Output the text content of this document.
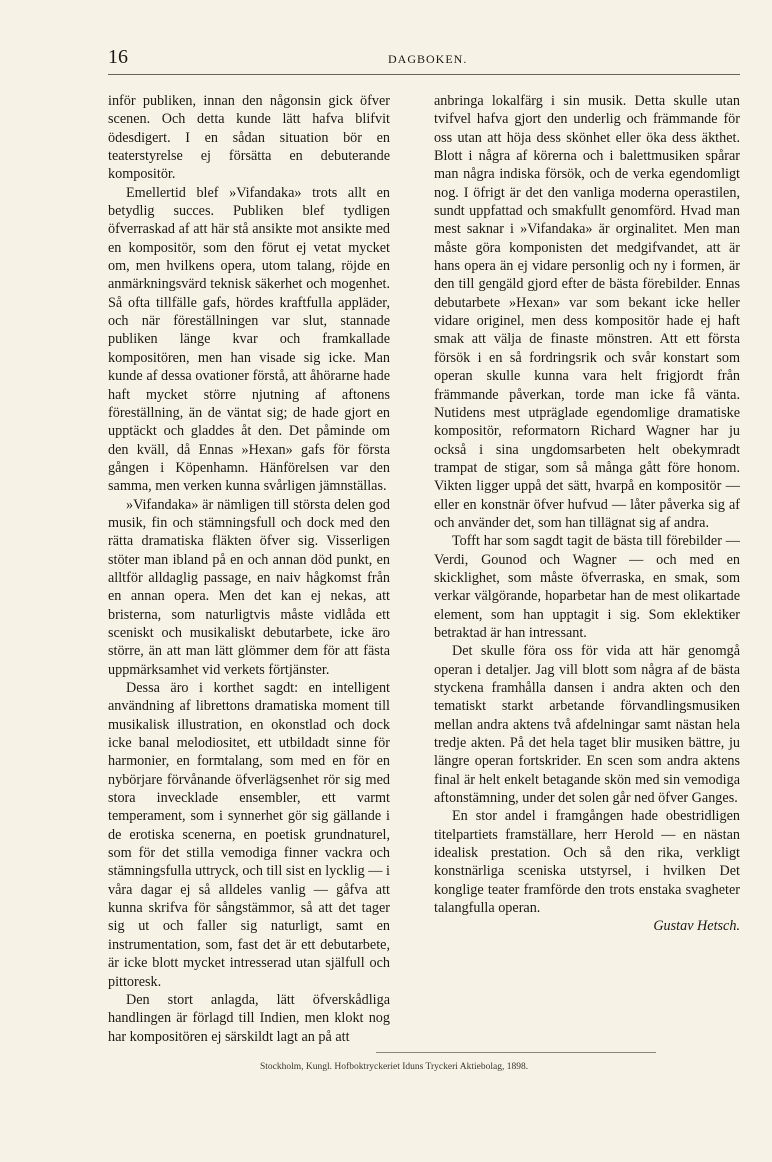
16	DAGBOKEN.

inför publiken, innan den någonsin gick öfver scenen. Och detta kunde lätt hafva blifvit ödesdigert. I en sådan situation bör en teaterstyrelse ej försätta en debuterande kompositör.

Emellertid blef »Vifandaka» trots allt en betydlig succes. Publiken blef tydligen öfverraskad af att här stå ansikte mot ansikte med en kompositör, som den förut ej vetat mycket om, men hvilkens opera, utom talang, röjde en anmärkningsvärd teknisk säkerhet och mogenhet. Så ofta tillfälle gafs, hördes kraftfulla appläder, och när föreställningen var slut, stannade publiken länge kvar och framkallade kompositören, men han visade sig icke. Man kunde af dessa ovationer förstå, att åhörarne hade haft mycket större njutning af aftonens föreställning, än de väntat sig; de hade gjort en upptäckt och gladdes åt den. Det påminde om den kväll, då Ennas »Hexan» gafs för första gången i Köpenhamn. Hänförelsen var den samma, men verken kunna svårligen jämnställas.

»Vifandaka» är nämligen till största delen god musik, fin och stämningsfull och dock med den rätta dramatiska fläkten öfver sig. Visserligen stöter man ibland på en och annan död punkt, en alltför alldaglig passage, en naiv hågkomst från en annan opera. Men det kan ej nekas, att bristerna, som naturligtvis måste vidlåda ett sceniskt och musikaliskt debutarbete, icke äro större, än att man lätt glömmer dem för att fästa uppmärksamhet vid verkets förtjänster.

Dessa äro i korthet sagdt: en intelligent användning af librettons dramatiska moment till musikalisk illustration, en okonstlad och dock icke banal melodiositet, ett utbildadt sinne för harmonier, en formtalang, som med en för en nybörjare förvånande öfverlägsenhet rör sig med stora invecklade ensembler, ett varmt temperament, som i synnerhet gör sig gällande i de erotiska scenerna, en poetisk grundnaturel, som för det stilla vemodiga finner vackra och stämningsfulla uttryck, och till sist en lycklig — i våra dagar ej så alldeles vanlig — gåfva att kunna skrifva för sångstämmor, så att det tager sig ut och faller sig naturligt, samt en instrumentation, som, fast det är ett debutarbete, är icke blott mycket intresserad utan själfull och pittoresk.

Den stort anlagda, lätt öfverskådliga handlingen är förlagd till Indien, men klokt nog har kompositören ej särskildt lagt an på att

anbringa lokalfärg i sin musik. Detta skulle utan tvifvel hafva gjort den underlig och främmande för oss utan att höja dess skönhet eller öka dess äkthet. Blott i några af körerna och i balettmusiken spårar man några indiska försök, och de verka egendomligt nog. I öfrigt är det den vanliga moderna operastilen, sundt uppfattad och smakfullt genomförd. Hvad man mest saknar i »Vifandaka» är orginalitet. Men man måste göra komponisten det medgifvandet, att är hans opera än ej vidare personlig och ny i formen, är den till gengäld gjord efter de bästa förebilder. Ennas debutarbete »Hexan» var som bekant icke heller vidare originel, men dess kompositör hade ej haft smak att välja de finaste mönstren. Att ett första försök i en så fordringsrik och svår konstart som operan skulle kunna vara helt frigjordt från främmande påverkan, torde man icke få vänta. Nutidens mest utpräglade egendomlige dramatiske kompositör, reformatorn Richard Wagner har ju också i sina ungdomsarbeten helt obekymradt trampat de stigar, som så många gått före honom. Vikten ligger uppå det sätt, hvarpå en kompositör — eller en konstnär öfver hufvud — låter påverka sig af och använder det, som han tillägnat sig af andra.

Tofft har som sagdt tagit de bästa till förebilder — Verdi, Gounod och Wagner — och med en skicklighet, som måste öfverraska, en smak, som verkar välgörande, hoparbetar han de mest olikartade element, som han upptagit i sig. Som eklektiker betraktad är han intressant.

Det skulle föra oss för vida att här genomgå operan i detaljer. Jag vill blott som några af de bästa styckena framhålla dansen i andra akten och den tematiskt starkt arbetande förvandlingsmusiken mellan andra aktens två afdelningar samt nästan hela tredje akten. På det hela taget blir musiken bättre, ju längre operan fortskrider. En scen som andra aktens final är helt enkelt betagande skön med sin vemodiga aftonstämning, under det solen går ned öfver Ganges.

En stor andel i framgången hade obestridligen titelpartiets framställare, herr Herold — en nästan idealisk prestation. Och så den rika, verkligt konstnärliga sceniska utstyrsel, i hvilken Det konglige teater framförde den trots enstaka svagheter talangfulla operan.

Gustav Hetsch.

Stockholm, Kungl. Hofboktryckeriet Iduns Tryckeri Aktiebolag, 1898.
